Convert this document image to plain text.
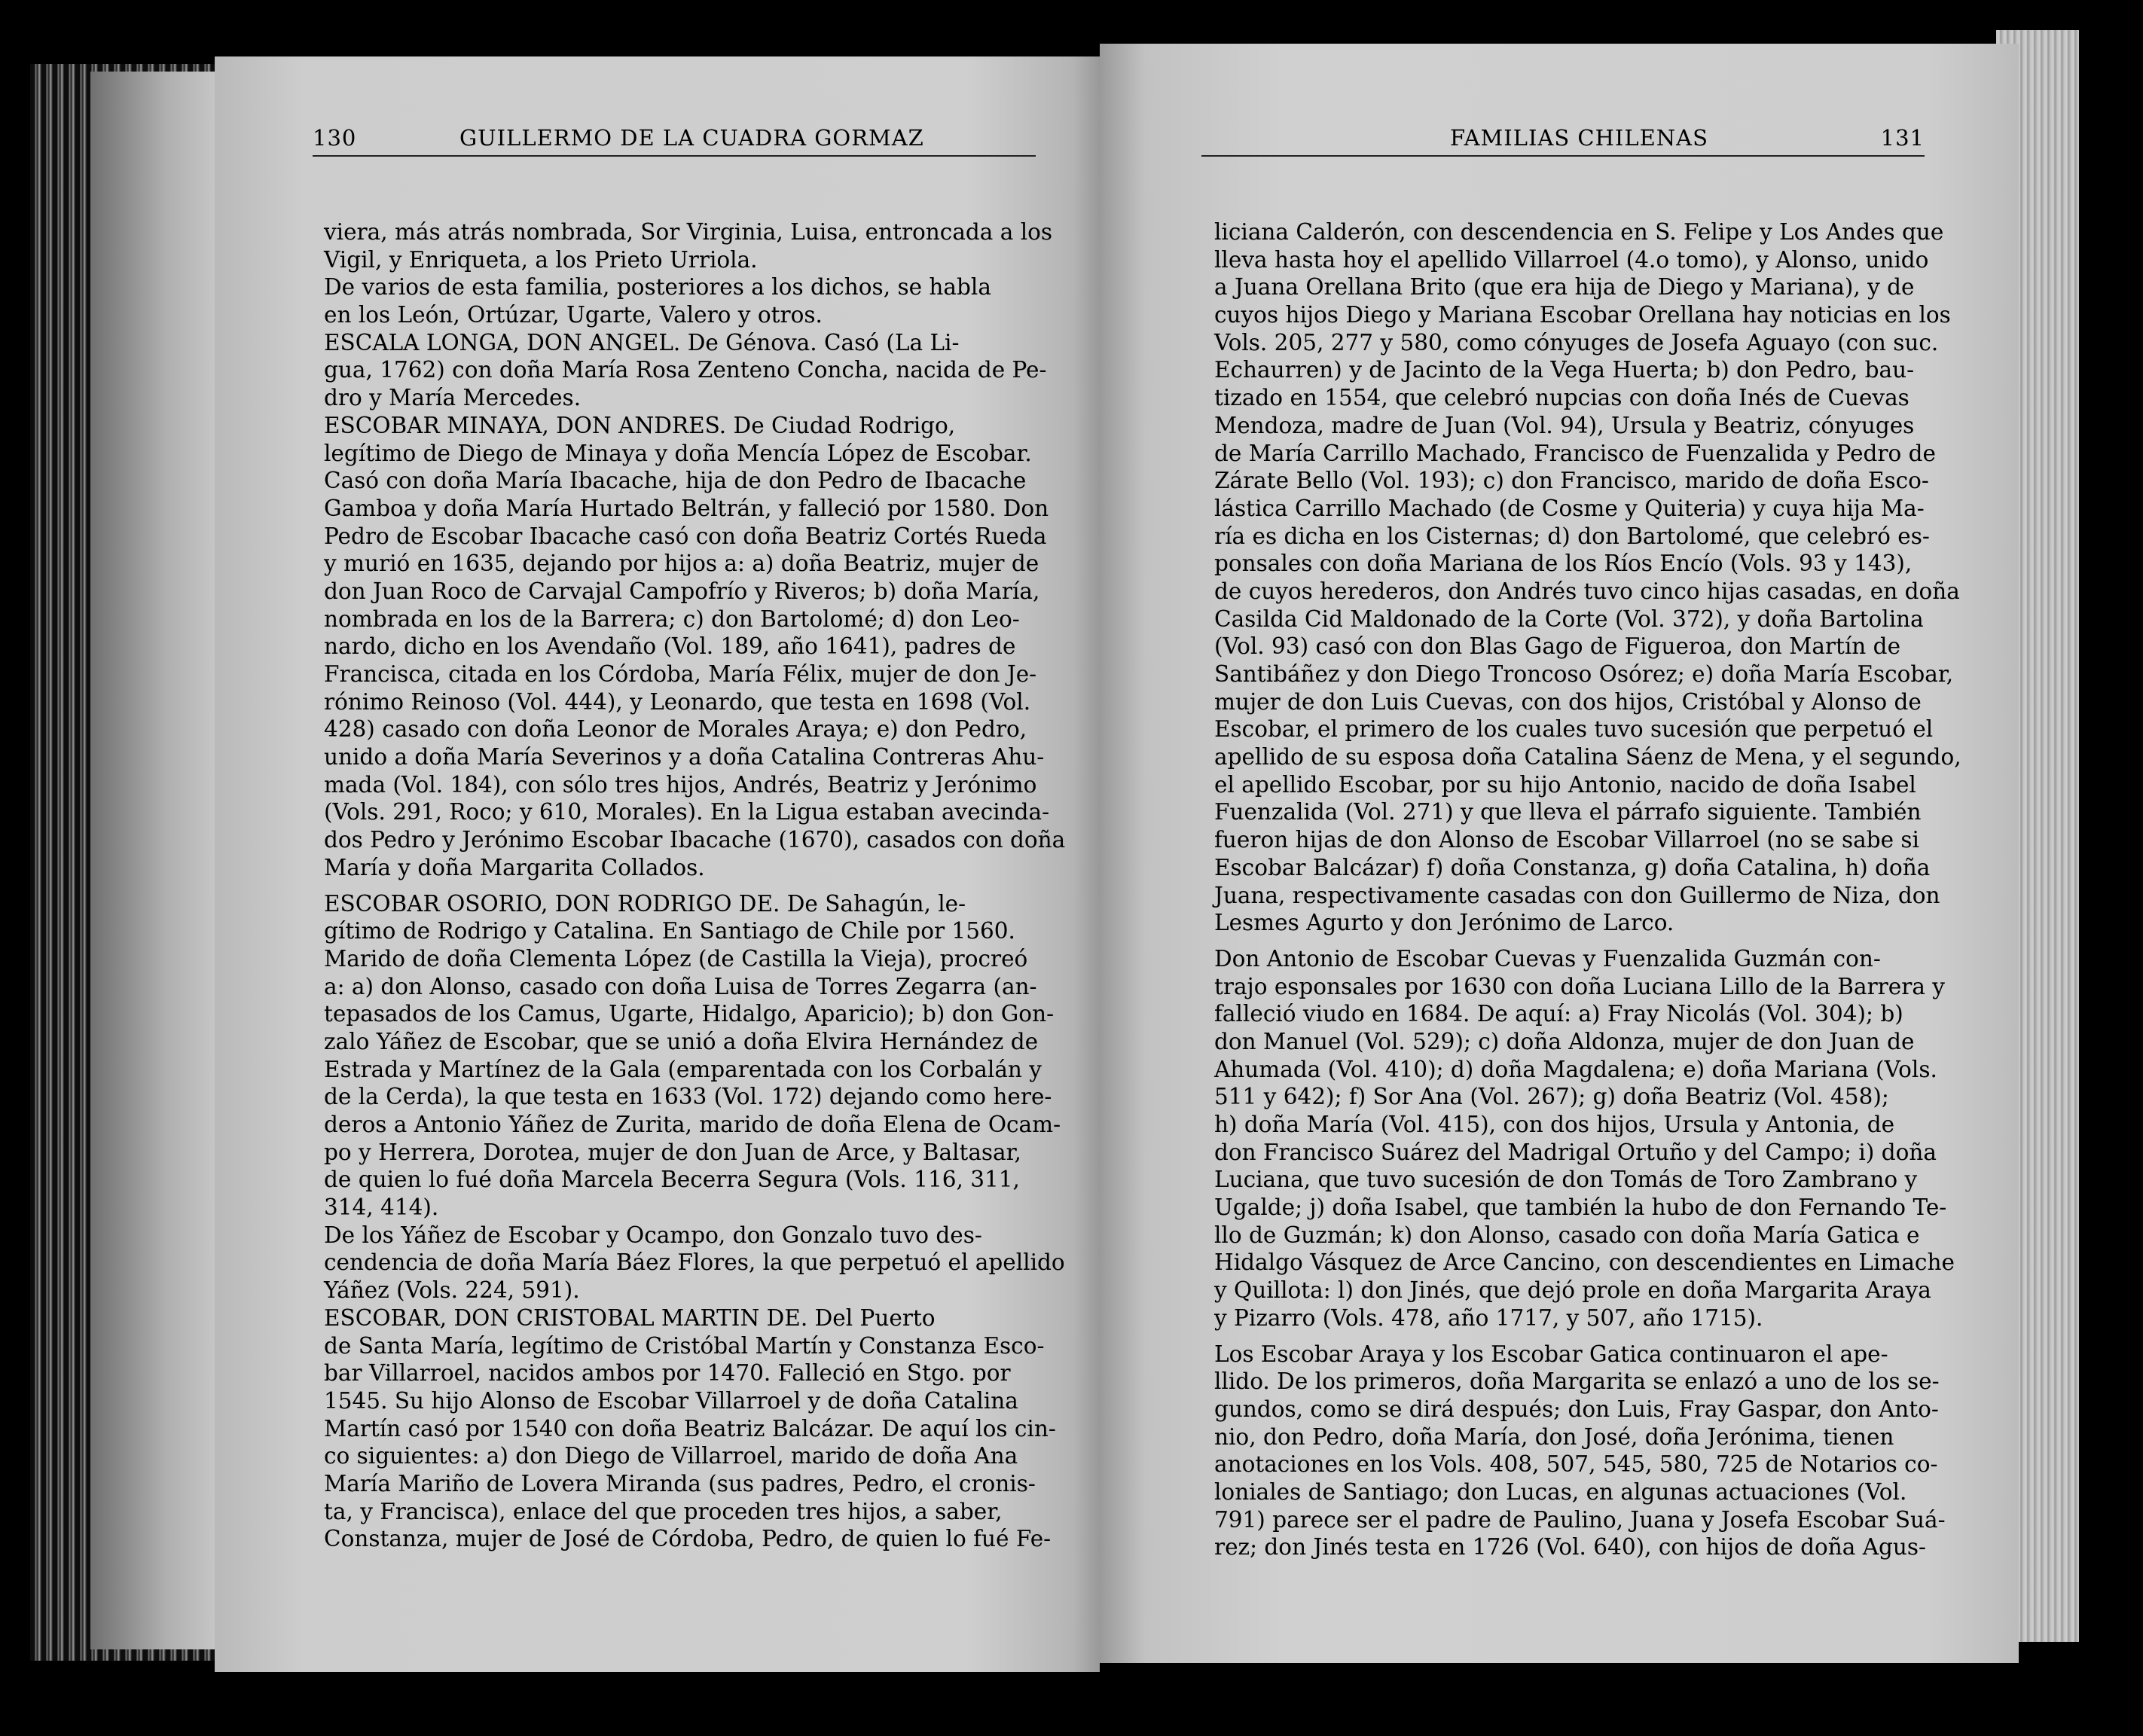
130	GUILLERMO DE LA CUADRA GORMAZ	FAMILIAS CHILENAS	131
viera, más atrás nombrada, Sor Virginia, Luisa, entroncada a los
Vigil, y Enriqueta, a los Prieto Urriola.
De varios de esta familia, posteriores a los dichos, se habla
en los León, Ortúzar, Ugarte, Valero y otros.
ESCALA LONGA, DON ANGEL. De Génova. Casó (La Li-
gua, 1762) con doña María Rosa Zenteno Concha, nacida de Pe-
dro y María Mercedes.
ESCOBAR MINAYA, DON ANDRES. De Ciudad Rodrigo,
legítimo de Diego de Minaya y doña Mencía López de Escobar.
Casó con doña María Ibacache, hija de don Pedro de Ibacache
Gamboa y doña María Hurtado Beltrán, y falleció por 1580. Don
Pedro de Escobar Ibacache casó con doña Beatriz Cortés Rueda
y murió en 1635, dejando por hijos a: a) doña Beatriz, mujer de
don Juan Roco de Carvajal Campofrío y Riveros; b) doña María,
nombrada en los de la Barrera; c) don Bartolomé; d) don Leo-
nardo, dicho en los Avendaño (Vol. 189, año 1641), padres de
Francisca, citada en los Córdoba, María Félix, mujer de don Je-
rónimo Reinoso (Vol. 444), y Leonardo, que testa en 1698 (Vol.
428) casado con doña Leonor de Morales Araya; e) don Pedro,
unido a doña María Severinos y a doña Catalina Contreras Ahu-
mada (Vol. 184), con sólo tres hijos, Andrés, Beatriz y Jerónimo
(Vols. 291, Roco; y 610, Morales). En la Ligua estaban avecinda-
dos Pedro y Jerónimo Escobar Ibacache (1670), casados con doña
María y doña Margarita Collados.
ESCOBAR OSORIO, DON RODRIGO DE. De Sahagún, le-
gítimo de Rodrigo y Catalina. En Santiago de Chile por 1560.
Marido de doña Clementa López (de Castilla la Vieja), procreó
a: a) don Alonso, casado con doña Luisa de Torres Zegarra (an-
tepasados de los Camus, Ugarte, Hidalgo, Aparicio); b) don Gon-
zalo Yáñez de Escobar, que se unió a doña Elvira Hernández de
Estrada y Martínez de la Gala (emparentada con los Corbalán y
de la Cerda), la que testa en 1633 (Vol. 172) dejando como here-
deros a Antonio Yáñez de Zurita, marido de doña Elena de Ocam-
po y Herrera, Dorotea, mujer de don Juan de Arce, y Baltasar,
de quien lo fué doña Marcela Becerra Segura (Vols. 116, 311,
314, 414).
De los Yáñez de Escobar y Ocampo, don Gonzalo tuvo des-
cendencia de doña María Báez Flores, la que perpetuó el apellido
Yáñez (Vols. 224, 591).
ESCOBAR, DON CRISTOBAL MARTIN DE. Del Puerto
de Santa María, legítimo de Cristóbal Martín y Constanza Esco-
bar Villarroel, nacidos ambos por 1470. Falleció en Stgo. por
1545. Su hijo Alonso de Escobar Villarroel y de doña Catalina
Martín casó por 1540 con doña Beatriz Balcázar. De aquí los cin-
co siguientes: a) don Diego de Villarroel, marido de doña Ana
María Mariño de Lovera Miranda (sus padres, Pedro, el cronis-
ta, y Francisca), enlace del que proceden tres hijos, a saber,
Constanza, mujer de José de Córdoba, Pedro, de quien lo fué Fe-
liciana Calderón, con descendencia en S. Felipe y Los Andes que
lleva hasta hoy el apellido Villarroel (4.o tomo), y Alonso, unido
a Juana Orellana Brito (que era hija de Diego y Mariana), y de
cuyos hijos Diego y Mariana Escobar Orellana hay noticias en los
Vols. 205, 277 y 580, como cónyuges de Josefa Aguayo (con suc.
Echaurren) y de Jacinto de la Vega Huerta; b) don Pedro, bau-
tizado en 1554, que celebró nupcias con doña Inés de Cuevas
Mendoza, madre de Juan (Vol. 94), Ursula y Beatriz, cónyuges
de María Carrillo Machado, Francisco de Fuenzalida y Pedro de
Zárate Bello (Vol. 193); c) don Francisco, marido de doña Esco-
lástica Carrillo Machado (de Cosme y Quiteria) y cuya hija Ma-
ría es dicha en los Cisternas; d) don Bartolomé, que celebró es-
ponsales con doña Mariana de los Ríos Encío (Vols. 93 y 143),
de cuyos herederos, don Andrés tuvo cinco hijas casadas, en doña
Casilda Cid Maldonado de la Corte (Vol. 372), y doña Bartolina
(Vol. 93) casó con don Blas Gago de Figueroa, don Martín de
Santibáñez y don Diego Troncoso Osórez; e) doña María Escobar,
mujer de don Luis Cuevas, con dos hijos, Cristóbal y Alonso de
Escobar, el primero de los cuales tuvo sucesión que perpetuó el
apellido de su esposa doña Catalina Sáenz de Mena, y el segundo,
el apellido Escobar, por su hijo Antonio, nacido de doña Isabel
Fuenzalida (Vol. 271) y que lleva el párrafo siguiente. También
fueron hijas de don Alonso de Escobar Villarroel (no se sabe si
Escobar Balcázar) f) doña Constanza, g) doña Catalina, h) doña
Juana, respectivamente casadas con don Guillermo de Niza, don
Lesmes Agurto y don Jerónimo de Larco.
Don Antonio de Escobar Cuevas y Fuenzalida Guzmán con-
trajo esponsales por 1630 con doña Luciana Lillo de la Barrera y
falleció viudo en 1684. De aquí: a) Fray Nicolás (Vol. 304); b)
don Manuel (Vol. 529); c) doña Aldonza, mujer de don Juan de
Ahumada (Vol. 410); d) doña Magdalena; e) doña Mariana (Vols.
511 y 642); f) Sor Ana (Vol. 267); g) doña Beatriz (Vol. 458);
h) doña María (Vol. 415), con dos hijos, Ursula y Antonia, de
don Francisco Suárez del Madrigal Ortuño y del Campo; i) doña
Luciana, que tuvo sucesión de don Tomás de Toro Zambrano y
Ugalde; j) doña Isabel, que también la hubo de don Fernando Te-
llo de Guzmán; k) don Alonso, casado con doña María Gatica e
Hidalgo Vásquez de Arce Cancino, con descendientes en Limache
y Quillota: l) don Jinés, que dejó prole en doña Margarita Araya
y Pizarro (Vols. 478, año 1717, y 507, año 1715).
Los Escobar Araya y los Escobar Gatica continuaron el ape-
llido. De los primeros, doña Margarita se enlazó a uno de los se-
gundos, como se dirá después; don Luis, Fray Gaspar, don Anto-
nio, don Pedro, doña María, don José, doña Jerónima, tienen
anotaciones en los Vols. 408, 507, 545, 580, 725 de Notarios co-
loniales de Santiago; don Lucas, en algunas actuaciones (Vol.
791) parece ser el padre de Paulino, Juana y Josefa Escobar Suá-
rez; don Jinés testa en 1726 (Vol. 640), con hijos de doña Agus-
